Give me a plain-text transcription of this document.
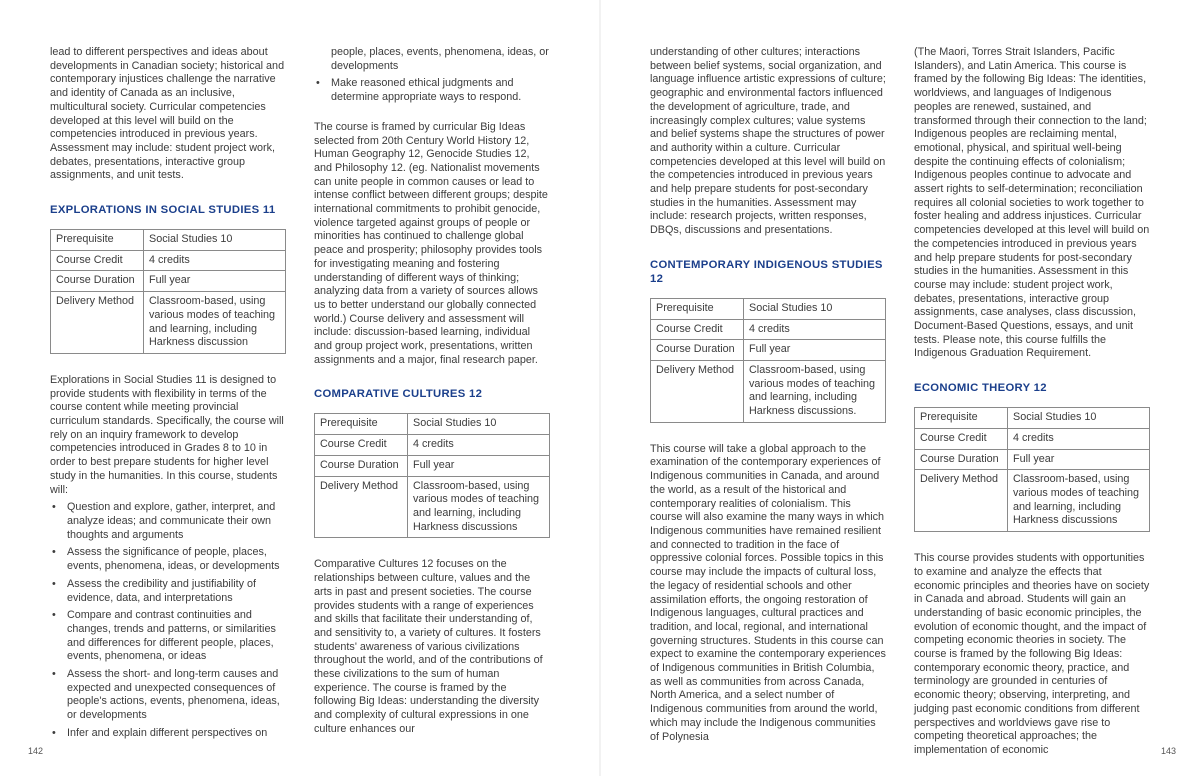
lead to different perspectives and ideas about developments in Canadian society; historical and contemporary injustices challenge the narrative and identity of Canada as an inclusive, multicultural society. Curricular competencies developed at this level will build on the competencies introduced in previous years. Assessment may include: student project work, debates, presentations, interactive group assignments, and unit tests.

EXPLORATIONS IN SOCIAL STUDIES 11
Prerequisite	Social Studies 10
Course Credit	4 credits
Course Duration	Full year
Delivery Method	Classroom-based, using various modes of teaching and learning, including Harkness discussion

Explorations in Social Studies 11 is designed to provide students with flexibility in terms of the course content while meeting provincial curriculum standards. Specifically, the course will rely on an inquiry framework to develop competencies introduced in Grades 8 to 10 in order to best prepare students for higher level study in the humanities. In this course, students will:

• Question and explore, gather, interpret, and analyze ideas; and communicate their own thoughts and arguments
• Assess the significance of people, places, events, phenomena, ideas, or developments
• Assess the credibility and justifiability of evidence, data, and interpretations
• Compare and contrast continuities and changes, trends and patterns, or similarities and differences for different people, places, events, phenomena, or ideas
• Assess the short- and long-term causes and expected and unexpected consequences of people's actions, events, phenomena, ideas, or developments
• Infer and explain different perspectives on

people, places, events, phenomena, ideas, or developments

• Make reasoned ethical judgments and determine appropriate ways to respond.

The course is framed by curricular Big Ideas selected from 20th Century World History 12, Human Geography 12, Genocide Studies 12, and Philosophy 12. (eg. Nationalist movements can unite people in common causes or lead to intense conflict between different groups; despite international commitments to prohibit genocide, violence targeted against groups of people or minorities has continued to challenge global peace and prosperity; philosophy provides tools for investigating meaning and fostering understanding of different ways of thinking; analyzing data from a variety of sources allows us to better understand our globally connected world.) Course delivery and assessment will include: discussion-based learning, individual and group project work, presentations, written assignments and a major, final research paper.

COMPARATIVE CULTURES 12
Prerequisite	Social Studies 10
Course Credit	4 credits
Course Duration	Full year
Delivery Method	Classroom-based, using various modes of teaching and learning, including Harkness discussions

Comparative Cultures 12 focuses on the relationships between culture, values and the arts in past and present societies. The course provides students with a range of experiences and skills that facilitate their understanding of, and sensitivity to, a variety of cultures. It fosters students' awareness of various civilizations throughout the world, and of the contributions of these civilizations to the sum of human experience. The course is framed by the following Big Ideas: understanding the diversity and complexity of cultural expressions in one culture enhances our

understanding of other cultures; interactions between belief systems, social organization, and language influence artistic expressions of culture; geographic and environmental factors influenced the development of agriculture, trade, and increasingly complex cultures; value systems and belief systems shape the structures of power and authority within a culture. Curricular competencies developed at this level will build on the competencies introduced in previous years and help prepare students for post-secondary studies in the humanities. Assessment may include: research projects, written responses, DBQs, discussions and presentations.

CONTEMPORARY INDIGENOUS STUDIES 12
Prerequisite	Social Studies 10
Course Credit	4 credits
Course Duration	Full year
Delivery Method	Classroom-based, using various modes of teaching and learning, including Harkness discussions.

This course will take a global approach to the examination of the contemporary experiences of Indigenous communities in Canada, and around the world, as a result of the historical and contemporary realities of colonialism. This course will also examine the many ways in which Indigenous communities have remained resilient and connected to tradition in the face of oppressive colonial forces. Possible topics in this course may include the impacts of cultural loss, the legacy of residential schools and other assimilation efforts, the ongoing restoration of Indigenous languages, cultural practices and tradition, and local, regional, and international governing structures. Students in this course can expect to examine the contemporary experiences of Indigenous communities in British Columbia, as well as communities from across Canada, North America, and a select number of Indigenous communities from around the world, which may include the Indigenous communities of Polynesia

(The Maori, Torres Strait Islanders, Pacific Islanders), and Latin America. This course is framed by the following Big Ideas: The identities, worldviews, and languages of Indigenous peoples are renewed, sustained, and transformed through their connection to the land; Indigenous peoples are reclaiming mental, emotional, physical, and spiritual well-being despite the continuing effects of colonialism; Indigenous peoples continue to advocate and assert rights to self-determination; reconciliation requires all colonial societies to work together to foster healing and address injustices. Curricular competencies developed at this level will build on the competencies introduced in previous years and help prepare students for post-secondary studies in the humanities. Assessment in this course may include: student project work, debates, presentations, interactive group assignments, case analyses, class discussion, Document-Based Questions, essays, and unit tests. Please note, this course fulfills the Indigenous Graduation Requirement.

ECONOMIC THEORY 12
Prerequisite	Social Studies 10
Course Credit	4 credits
Course Duration	Full year
Delivery Method	Classroom-based, using various modes of teaching and learning, including Harkness discussions

This course provides students with opportunities to examine and analyze the effects that economic principles and theories have on society in Canada and abroad. Students will gain an understanding of basic economic principles, the evolution of economic thought, and the impact of competing economic theories in society. The course is framed by the following Big Ideas: contemporary economic theory, practice, and terminology are grounded in centuries of economic theory; observing, interpreting, and judging past economic conditions from different perspectives and worldviews gave rise to competing theoretical approaches; the implementation of economic

142	143
